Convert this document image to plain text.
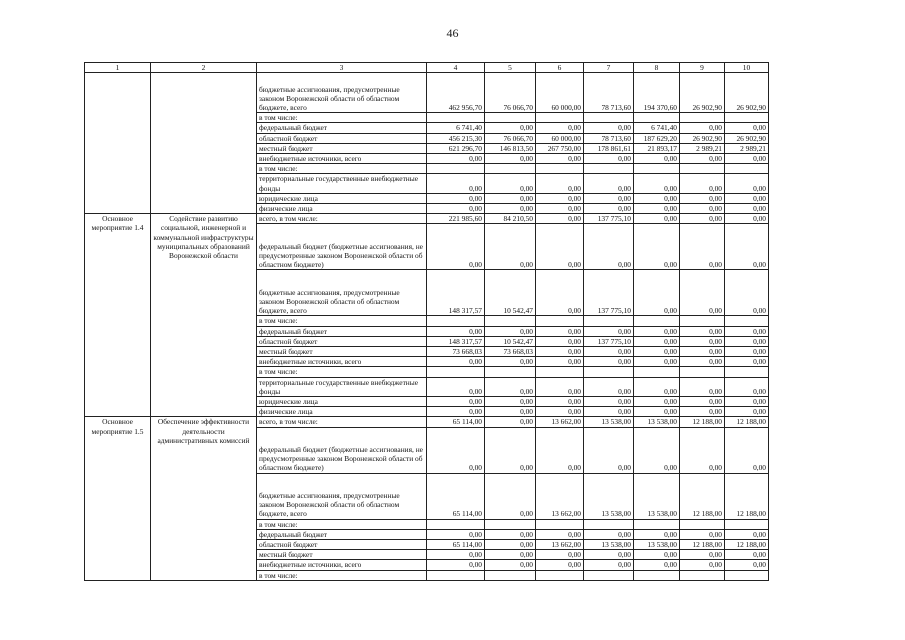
46
1	2	3	4	5	6	7	8	9	10
		бюджетные ассигнования, предусмотренные законом Воронежской области об областном бюджете, всего	462 956,70	76 066,70	60 000,00	78 713,60	194 370,60	26 902,90	26 902,90
		в том числе:							
		федеральный бюджет	6 741,40	0,00	0,00	0,00	6 741,40	0,00	0,00
		областной бюджет	456 215,30	76 066,70	60 000,00	78 713,60	187 629,20	26 902,90	26 902,90
		местный бюджет	621 296,70	146 813,50	267 750,00	178 861,61	21 893,17	2 989,21	2 989,21
		внебюджетные источники, всего	0,00	0,00	0,00	0,00	0,00	0,00	0,00
		в том числе:							
		территориальные государственные внебюджетные фонды	0,00	0,00	0,00	0,00	0,00	0,00	0,00
		юридические лица	0,00	0,00	0,00	0,00	0,00	0,00	0,00
		физические лица	0,00	0,00	0,00	0,00	0,00	0,00	0,00
Основное мероприятие 1.4	Содействие развитию социальной, инженерной и коммунальной инфраструктуры муниципальных образований Воронежской области	всего, в том числе:	221 985,60	84 210,50	0,00	137 775,10	0,00	0,00	0,00
		федеральный бюджет (бюджетные ассигнования, не предусмотренные законом Воронежской области об областном бюджете)	0,00	0,00	0,00	0,00	0,00	0,00	0,00
		бюджетные ассигнования, предусмотренные законом Воронежской области об областном бюджете, всего	148 317,57	10 542,47	0,00	137 775,10	0,00	0,00	0,00
		в том числе:							
		федеральный бюджет	0,00	0,00	0,00	0,00	0,00	0,00	0,00
		областной бюджет	148 317,57	10 542,47	0,00	137 775,10	0,00	0,00	0,00
		местный бюджет	73 668,03	73 668,03	0,00	0,00	0,00	0,00	0,00
		внебюджетные источники, всего	0,00	0,00	0,00	0,00	0,00	0,00	0,00
		в том числе:							
		территориальные государственные внебюджетные фонды	0,00	0,00	0,00	0,00	0,00	0,00	0,00
		юридические лица	0,00	0,00	0,00	0,00	0,00	0,00	0,00
		физические лица	0,00	0,00	0,00	0,00	0,00	0,00	0,00
Основное мероприятие 1.5	Обеспечение эффективности деятельности административных комиссий	всего, в том числе:	65 114,00	0,00	13 662,00	13 538,00	13 538,00	12 188,00	12 188,00
		федеральный бюджет (бюджетные ассигнования, не предусмотренные законом Воронежской области об областном бюджете)	0,00	0,00	0,00	0,00	0,00	0,00	0,00
		бюджетные ассигнования, предусмотренные законом Воронежской области об областном бюджете, всего	65 114,00	0,00	13 662,00	13 538,00	13 538,00	12 188,00	12 188,00
		в том числе:							
		федеральный бюджет	0,00	0,00	0,00	0,00	0,00	0,00	0,00
		областной бюджет	65 114,00	0,00	13 662,00	13 538,00	13 538,00	12 188,00	12 188,00
		местный бюджет	0,00	0,00	0,00	0,00	0,00	0,00	0,00
		внебюджетные источники, всего	0,00	0,00	0,00	0,00	0,00	0,00	0,00
		в том числе:							
